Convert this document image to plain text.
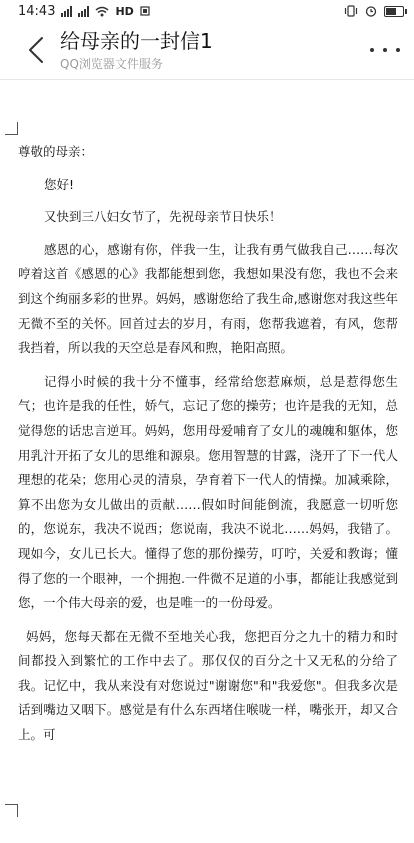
14:43	HD
给母亲的一封信1
QQ浏览器文件服务

尊敬的母亲：

您好!

又快到三八妇女节了，先祝母亲节日快乐！

感恩的心，感谢有你，伴我一生，让我有勇气做我自己……每次哼着这首《感恩的心》我都能想到您，我想如果没有您，我也不会来到这个绚丽多彩的世界。妈妈，感谢您给了我生命,感谢您对我这些年无微不至的关怀。回首过去的岁月，有雨，您帮我遮着，有风，您帮我挡着，所以我的天空总是春风和煦，艳阳高照。

记得小时候的我十分不懂事，经常给您惹麻烦，总是惹得您生气；也许是我的任性，娇气，忘记了您的操劳；也许是我的无知，总觉得您的话忠言逆耳。妈妈，您用母爱哺育了女儿的魂魄和躯体，您用乳汁开拓了女儿的思维和源泉。您用智慧的甘露，浇开了下一代人理想的花朵；您用心灵的清泉，孕育着下一代人的情操。加减乘除，算不出您为女儿做出的贡献……假如时间能倒流，我愿意一切听您的，您说东，我决不说西；您说南，我决不说北……妈妈，我错了。现如今，女儿已长大。懂得了您的那份操劳，叮咛，关爱和教诲；懂得了您的一个眼神，一个拥抱.一件微不足道的小事，都能让我感觉到您，一个伟大母亲的爱，也是唯一的一份母爱。

妈妈，您每天都在无微不至地关心我，您把百分之九十的精力和时间都投入到繁忙的工作中去了。那仅仅的百分之十又无私的分给了我。记忆中，我从来没有对您说过"谢谢您"和"我爱您"。但我多次是话到嘴边又咽下。感觉是有什么东西堵住喉咙一样，嘴张开，却又合上。可
